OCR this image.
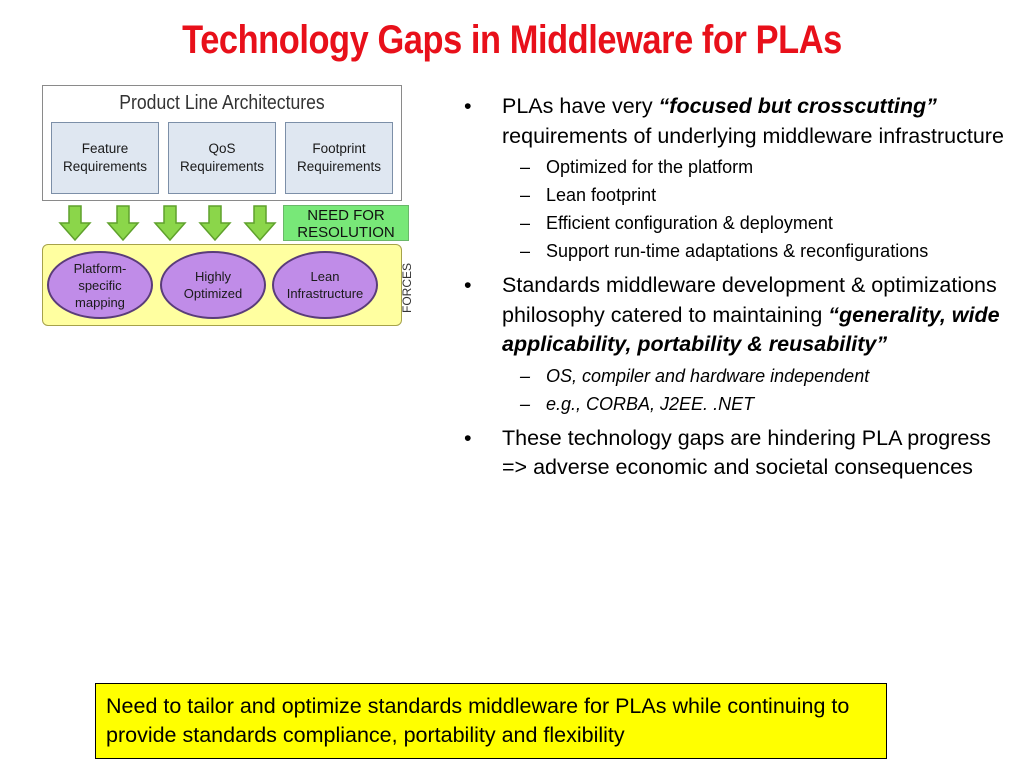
Technology Gaps in Middleware for PLAs
Product Line Architectures
Feature
Requirements
QoS
Requirements
Footprint
Requirements
NEED FOR
RESOLUTION
Platform-
specific
mapping
Highly
Optimized
Lean
Infrastructure	FORCES
• PLAs have very “focused but crosscutting” requirements of underlying middleware infrastructure
– Optimized for the platform
– Lean footprint
– Efficient configuration & deployment
– Support run-time adaptations & reconfigurations
• Standards middleware development & optimizations philosophy catered to maintaining “generality, wide applicability, portability & reusability”
– OS, compiler and hardware independent
– e.g., CORBA, J2EE. .NET
• These technology gaps are hindering PLA progress => adverse economic and societal consequences
Need to tailor and optimize standards middleware for PLAs while continuing to provide standards compliance, portability and flexibility
